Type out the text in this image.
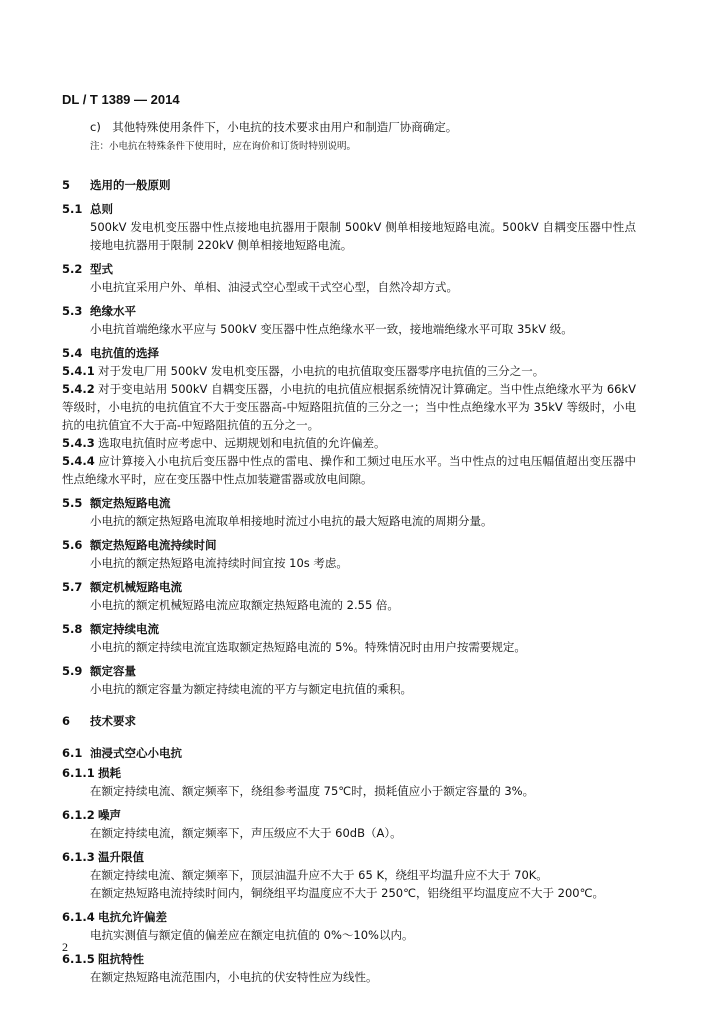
DL / T 1389 — 2014

c)　其他特殊使用条件下，小电抗的技术要求由用户和制造厂协商确定。

注：小电抗在特殊条件下使用时，应在询价和订货时特别说明。

5 选用的一般原则

5.1 总则

500kV 发电机变压器中性点接地电抗器用于限制 500kV 侧单相接地短路电流。500kV 自耦变压器中性点接地电抗器用于限制 220kV 侧单相接地短路电流。

5.2 型式

小电抗宜采用户外、单相、油浸式空心型或干式空心型，自然冷却方式。

5.3 绝缘水平

小电抗首端绝缘水平应与 500kV 变压器中性点绝缘水平一致，接地端绝缘水平可取 35kV 级。

5.4 电抗值的选择

5.4.1 对于发电厂用 500kV 发电机变压器，小电抗的电抗值取变压器零序电抗值的三分之一。

5.4.2 对于变电站用 500kV 自耦变压器，小电抗的电抗值应根据系统情况计算确定。当中性点绝缘水平为 66kV 等级时，小电抗的电抗值宜不大于变压器高-中短路阻抗值的三分之一；当中性点绝缘水平为 35kV 等级时，小电抗的电抗值宜不大于高-中短路阻抗值的五分之一。

5.4.3 选取电抗值时应考虑中、远期规划和电抗值的允许偏差。

5.4.4 应计算接入小电抗后变压器中性点的雷电、操作和工频过电压水平。当中性点的过电压幅值超出变压器中性点绝缘水平时，应在变压器中性点加装避雷器或放电间隙。

5.5 额定热短路电流

小电抗的额定热短路电流取单相接地时流过小电抗的最大短路电流的周期分量。

5.6 额定热短路电流持续时间

小电抗的额定热短路电流持续时间宜按 10s 考虑。

5.7 额定机械短路电流

小电抗的额定机械短路电流应取额定热短路电流的 2.55 倍。

5.8 额定持续电流

小电抗的额定持续电流宜选取额定热短路电流的 5%。特殊情况时由用户按需要规定。

5.9 额定容量

小电抗的额定容量为额定持续电流的平方与额定电抗值的乘积。

6 技术要求

6.1 油浸式空心小电抗

6.1.1 损耗

在额定持续电流、额定频率下，绕组参考温度 75℃时，损耗值应小于额定容量的 3%。

6.1.2 噪声

在额定持续电流，额定频率下，声压级应不大于 60dB（A）。

6.1.3 温升限值

在额定持续电流、额定频率下，顶层油温升应不大于 65 K，绕组平均温升应不大于 70K。

在额定热短路电流持续时间内，铜绕组平均温度应不大于 250℃，铝绕组平均温度应不大于 200℃。

6.1.4 电抗允许偏差

电抗实测值与额定值的偏差应在额定电抗值的 0%～10%以内。

6.1.5 阻抗特性

在额定热短路电流范围内，小电抗的伏安特性应为线性。

2
